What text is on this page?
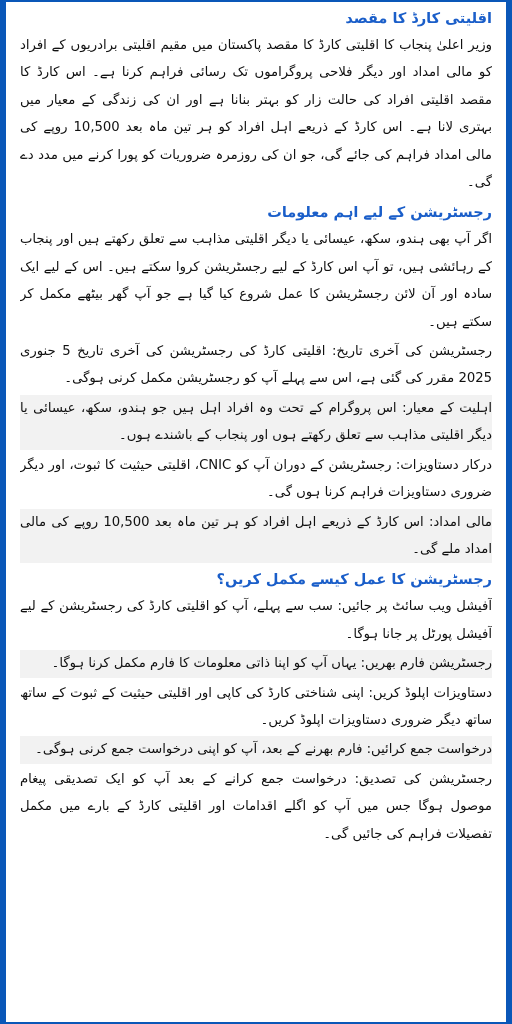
اقلیتی کارڈ کا مقصد

وزیر اعلیٰ پنجاب کا اقلیتی کارڈ کا مقصد پاکستان میں مقیم اقلیتی برادریوں کے افراد کو مالی امداد اور دیگر فلاحی پروگراموں تک رسائی فراہم کرنا ہے۔ اس کارڈ کا مقصد اقلیتی افراد کی حالت زار کو بہتر بنانا ہے اور ان کی زندگی کے معیار میں بہتری لانا ہے۔ اس کارڈ کے ذریعے اہل افراد کو ہر تین ماہ بعد 10,500 روپے کی مالی امداد فراہم کی جائے گی، جو ان کی روزمرہ ضروریات کو پورا کرنے میں مدد دے گی۔

رجسٹریشن کے لیے اہم معلومات

اگر آپ بھی ہندو، سکھ، عیسائی یا دیگر اقلیتی مذاہب سے تعلق رکھتے ہیں اور پنجاب کے رہائشی ہیں، تو آپ اس کارڈ کے لیے رجسٹریشن کروا سکتے ہیں۔ اس کے لیے ایک سادہ اور آن لائن رجسٹریشن کا عمل شروع کیا گیا ہے جو آپ گھر بیٹھے مکمل کر سکتے ہیں۔

رجسٹریشن کی آخری تاریخ: اقلیتی کارڈ کی رجسٹریشن کی آخری تاریخ 5 جنوری 2025 مقرر کی گئی ہے، اس سے پہلے آپ کو رجسٹریشن مکمل کرنی ہوگی۔

اہلیت کے معیار: اس پروگرام کے تحت وہ افراد اہل ہیں جو ہندو، سکھ، عیسائی یا دیگر اقلیتی مذاہب سے تعلق رکھتے ہوں اور پنجاب کے باشندے ہوں۔

درکار دستاویزات: رجسٹریشن کے دوران آپ کو CNIC، اقلیتی حیثیت کا ثبوت، اور دیگر ضروری دستاویزات فراہم کرنا ہوں گی۔

مالی امداد: اس کارڈ کے ذریعے اہل افراد کو ہر تین ماہ بعد 10,500 روپے کی مالی امداد ملے گی۔

رجسٹریشن کا عمل کیسے مکمل کریں؟

آفیشل ویب سائٹ پر جائیں: سب سے پہلے، آپ کو اقلیتی کارڈ کی رجسٹریشن کے لیے آفیشل پورٹل پر جانا ہوگا۔

رجسٹریشن فارم بھریں: یہاں آپ کو اپنا ذاتی معلومات کا فارم مکمل کرنا ہوگا۔

دستاویزات اپلوڈ کریں: اپنی شناختی کارڈ کی کاپی اور اقلیتی حیثیت کے ثبوت کے ساتھ ساتھ دیگر ضروری دستاویزات اپلوڈ کریں۔

درخواست جمع کرائیں: فارم بھرنے کے بعد، آپ کو اپنی درخواست جمع کرنی ہوگی۔

رجسٹریشن کی تصدیق: درخواست جمع کرانے کے بعد آپ کو ایک تصدیقی پیغام موصول ہوگا جس میں آپ کو اگلے اقدامات اور اقلیتی کارڈ کے بارے میں مکمل تفصیلات فراہم کی جائیں گی۔
